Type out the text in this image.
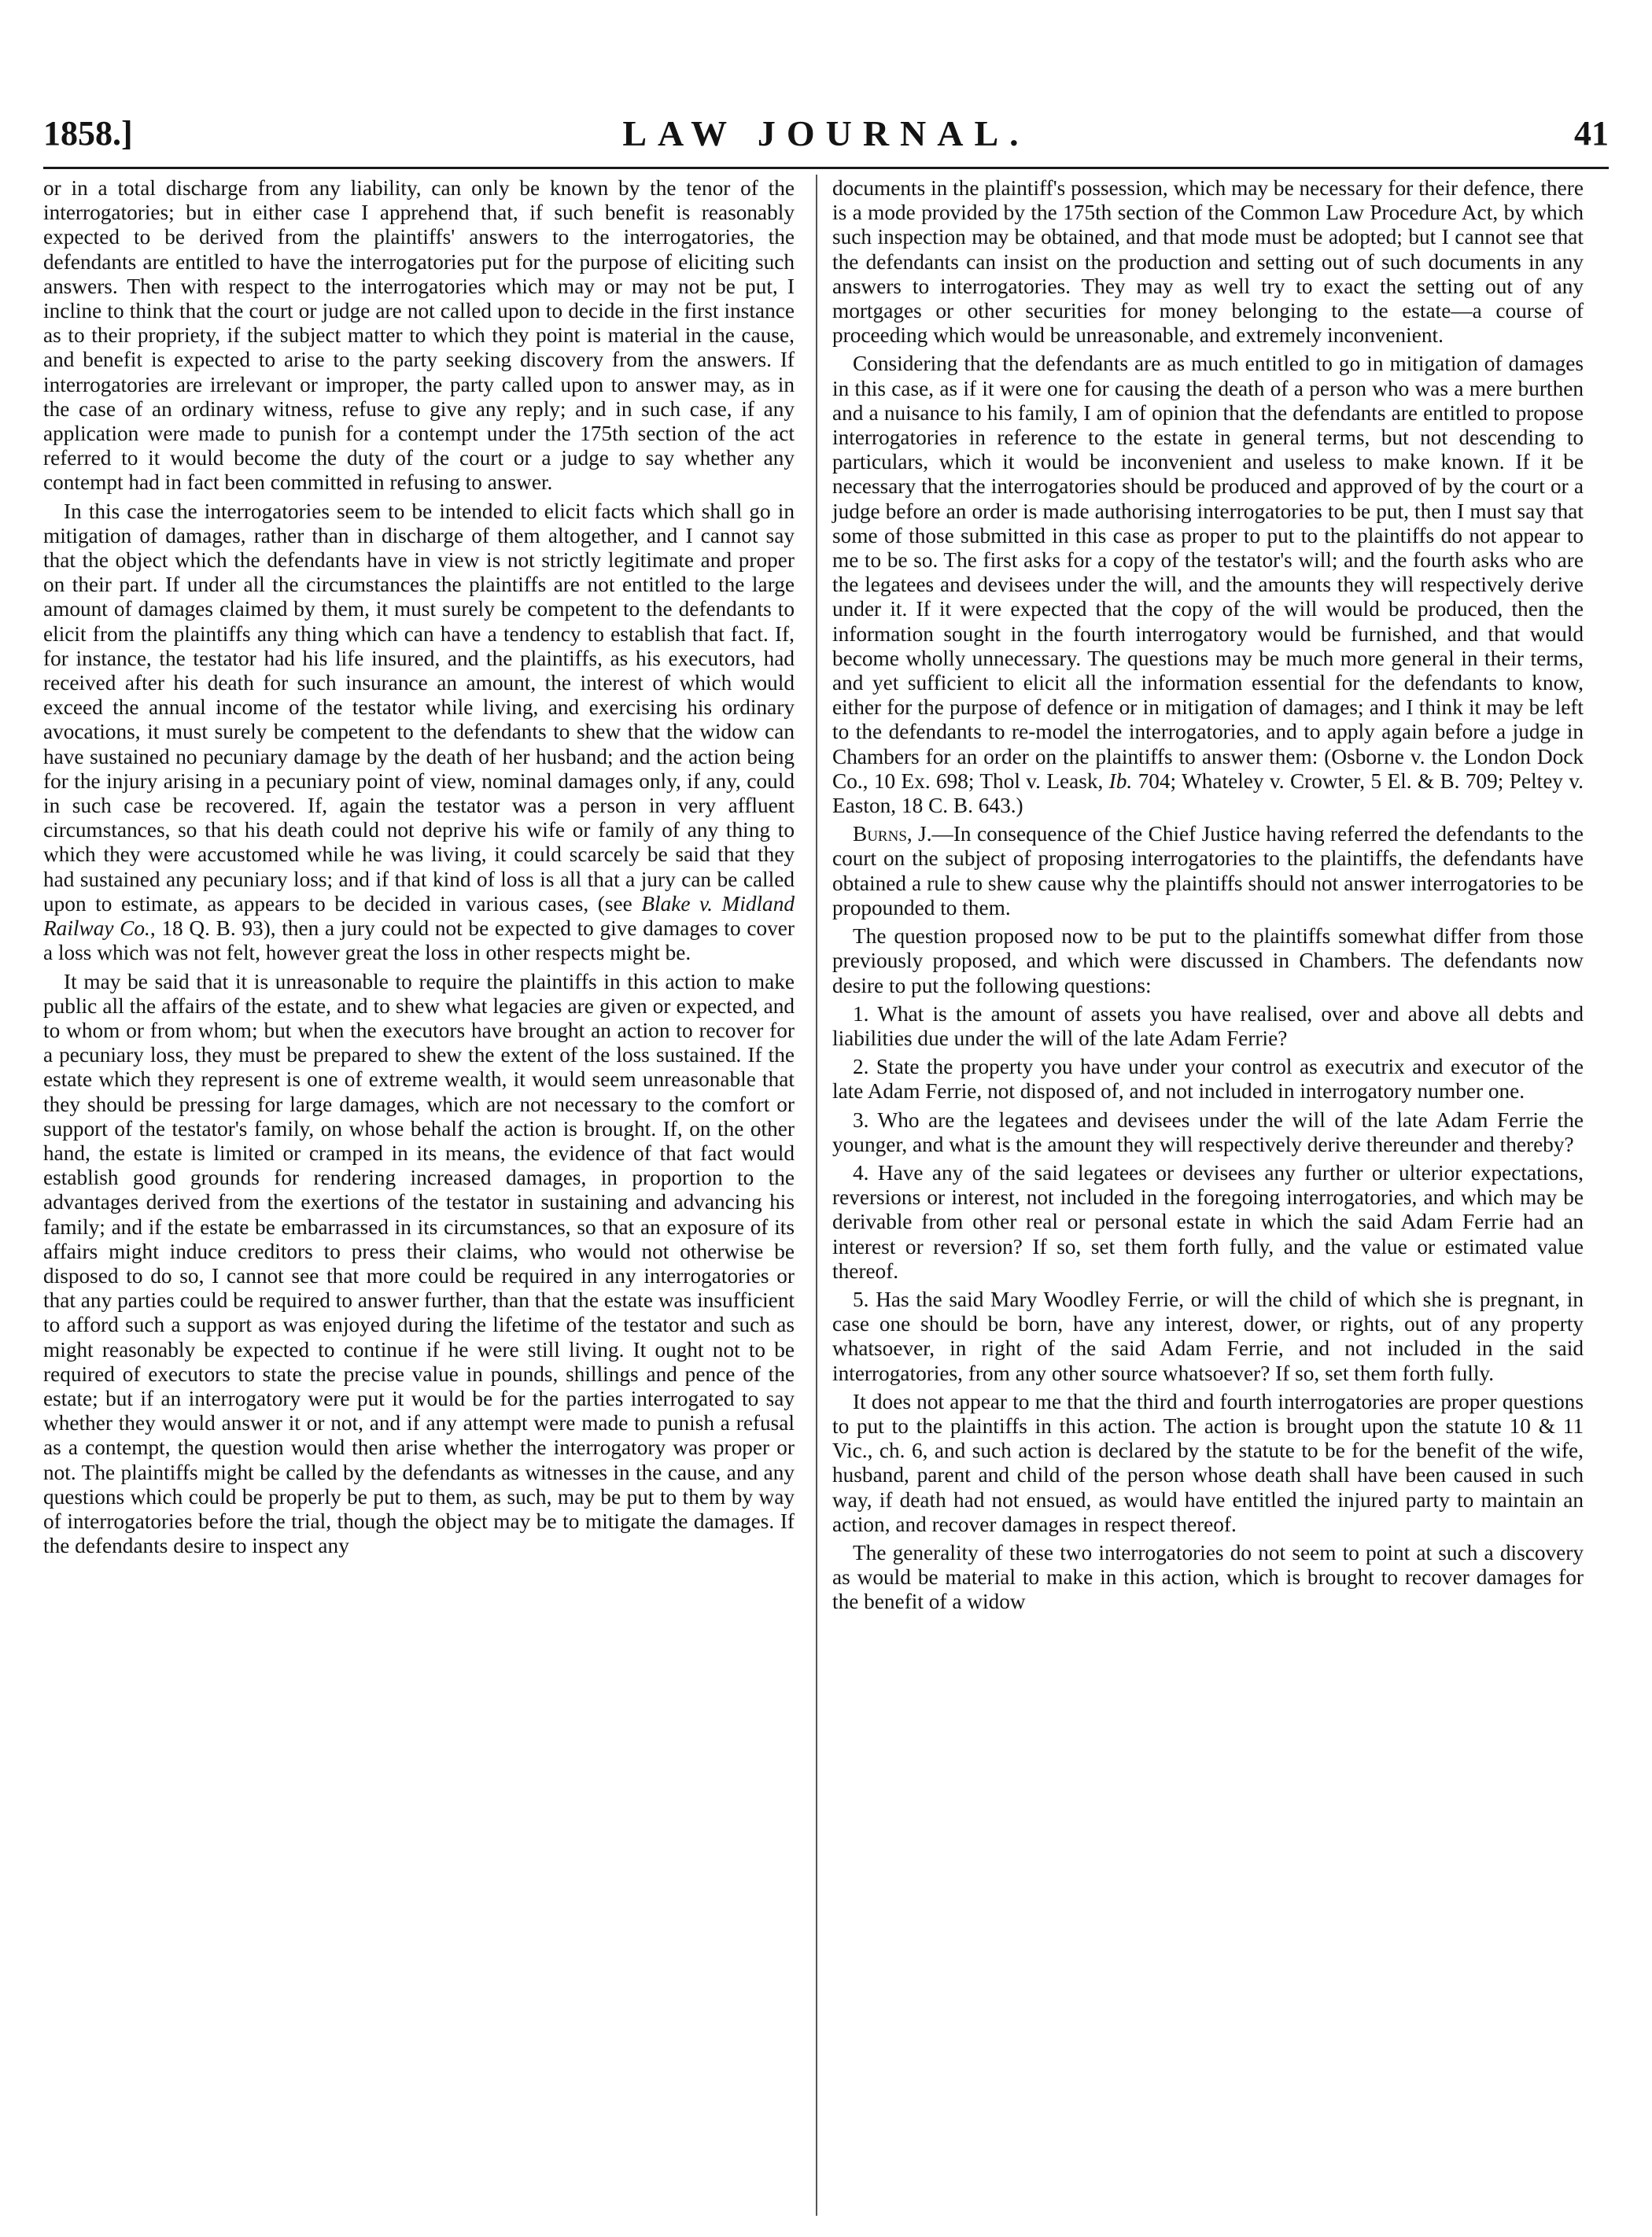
1858.]	LAW JOURNAL.	41

or in a total discharge from any liability, can only be known by the tenor of the interrogatories; but in either case I apprehend that, if such benefit is reasonably expected to be derived from the plaintiffs' answers to the interrogatories, the defendants are entitled to have the interrogatories put for the purpose of eliciting such answers. Then with respect to the interrogatories which may or may not be put, I incline to think that the court or judge are not called upon to decide in the first instance as to their propriety, if the subject matter to which they point is material in the cause, and benefit is expected to arise to the party seeking discovery from the answers. If interrogatories are irrelevant or improper, the party called upon to answer may, as in the case of an ordinary witness, refuse to give any reply; and in such case, if any application were made to punish for a contempt under the 175th section of the act referred to it would become the duty of the court or a judge to say whether any contempt had in fact been committed in refusing to answer.

In this case the interrogatories seem to be intended to elicit facts which shall go in mitigation of damages, rather than in discharge of them altogether, and I cannot say that the object which the defendants have in view is not strictly legitimate and proper on their part. If under all the circumstances the plaintiffs are not entitled to the large amount of damages claimed by them, it must surely be competent to the defendants to elicit from the plaintiffs any thing which can have a tendency to establish that fact. If, for instance, the testator had his life insured, and the plaintiffs, as his executors, had received after his death for such insurance an amount, the interest of which would exceed the annual income of the testator while living, and exercising his ordinary avocations, it must surely be competent to the defendants to shew that the widow can have sustained no pecuniary damage by the death of her husband; and the action being for the injury arising in a pecuniary point of view, nominal damages only, if any, could in such case be recovered. If, again the testator was a person in very affluent circumstances, so that his death could not deprive his wife or family of any thing to which they were accustomed while he was living, it could scarcely be said that they had sustained any pecuniary loss; and if that kind of loss is all that a jury can be called upon to estimate, as appears to be decided in various cases, (see Blake v. Midland Railway Co., 18 Q. B. 93), then a jury could not be expected to give damages to cover a loss which was not felt, however great the loss in other respects might be.

It may be said that it is unreasonable to require the plaintiffs in this action to make public all the affairs of the estate, and to shew what legacies are given or expected, and to whom or from whom; but when the executors have brought an action to recover for a pecuniary loss, they must be prepared to shew the extent of the loss sustained. If the estate which they represent is one of extreme wealth, it would seem unreasonable that they should be pressing for large damages, which are not necessary to the comfort or support of the testator's family, on whose behalf the action is brought. If, on the other hand, the estate is limited or cramped in its means, the evidence of that fact would establish good grounds for rendering increased damages, in proportion to the advantages derived from the exertions of the testator in sustaining and advancing his family; and if the estate be embarrassed in its circumstances, so that an exposure of its affairs might induce creditors to press their claims, who would not otherwise be disposed to do so, I cannot see that more could be required in any interrogatories or that any parties could be required to answer further, than that the estate was insufficient to afford such a support as was enjoyed during the lifetime of the testator and such as might reasonably be expected to continue if he were still living. It ought not to be required of executors to state the precise value in pounds, shillings and pence of the estate; but if an interrogatory were put it would be for the parties interrogated to say whether they would answer it or not, and if any attempt were made to punish a refusal as a contempt, the question would then arise whether the interrogatory was proper or not. The plaintiffs might be called by the defendants as witnesses in the cause, and any questions which could be properly be put to them, as such, may be put to them by way of interrogatories before the trial, though the object may be to mitigate the damages. If the defendants desire to inspect any

documents in the plaintiff's possession, which may be necessary for their defence, there is a mode provided by the 175th section of the Common Law Procedure Act, by which such inspection may be obtained, and that mode must be adopted; but I cannot see that the defendants can insist on the production and setting out of such documents in any answers to interrogatories. They may as well try to exact the setting out of any mortgages or other securities for money belonging to the estate—a course of proceeding which would be unreasonable, and extremely inconvenient.

Considering that the defendants are as much entitled to go in mitigation of damages in this case, as if it were one for causing the death of a person who was a mere burthen and a nuisance to his family, I am of opinion that the defendants are entitled to propose interrogatories in reference to the estate in general terms, but not descending to particulars, which it would be inconvenient and useless to make known. If it be necessary that the interrogatories should be produced and approved of by the court or a judge before an order is made authorising interrogatories to be put, then I must say that some of those submitted in this case as proper to put to the plaintiffs do not appear to me to be so. The first asks for a copy of the testator's will; and the fourth asks who are the legatees and devisees under the will, and the amounts they will respectively derive under it. If it were expected that the copy of the will would be produced, then the information sought in the fourth interrogatory would be furnished, and that would become wholly unnecessary. The questions may be much more general in their terms, and yet sufficient to elicit all the information essential for the defendants to know, either for the purpose of defence or in mitigation of damages; and I think it may be left to the defendants to re-model the interrogatories, and to apply again before a judge in Chambers for an order on the plaintiffs to answer them: (Osborne v. the London Dock Co., 10 Ex. 698; Thol v. Leask, Ib. 704; Whateley v. Crowter, 5 El. & B. 709; Peltey v. Easton, 18 C. B. 643.)

Burns, J.—In consequence of the Chief Justice having referred the defendants to the court on the subject of proposing interrogatories to the plaintiffs, the defendants have obtained a rule to shew cause why the plaintiffs should not answer interrogatories to be propounded to them.

The question proposed now to be put to the plaintiffs somewhat differ from those previously proposed, and which were discussed in Chambers. The defendants now desire to put the following questions:

1. What is the amount of assets you have realised, over and above all debts and liabilities due under the will of the late Adam Ferrie?

2. State the property you have under your control as executrix and executor of the late Adam Ferrie, not disposed of, and not included in interrogatory number one.

3. Who are the legatees and devisees under the will of the late Adam Ferrie the younger, and what is the amount they will respectively derive thereunder and thereby?

4. Have any of the said legatees or devisees any further or ulterior expectations, reversions or interest, not included in the foregoing interrogatories, and which may be derivable from other real or personal estate in which the said Adam Ferrie had an interest or reversion? If so, set them forth fully, and the value or estimated value thereof.

5. Has the said Mary Woodley Ferrie, or will the child of which she is pregnant, in case one should be born, have any interest, dower, or rights, out of any property whatsoever, in right of the said Adam Ferrie, and not included in the said interrogatories, from any other source whatsoever? If so, set them forth fully.

It does not appear to me that the third and fourth interrogatories are proper questions to put to the plaintiffs in this action. The action is brought upon the statute 10 & 11 Vic., ch. 6, and such action is declared by the statute to be for the benefit of the wife, husband, parent and child of the person whose death shall have been caused in such way, if death had not ensued, as would have entitled the injured party to maintain an action, and recover damages in respect thereof.

The generality of these two interrogatories do not seem to point at such a discovery as would be material to make in this action, which is brought to recover damages for the benefit of a widow
